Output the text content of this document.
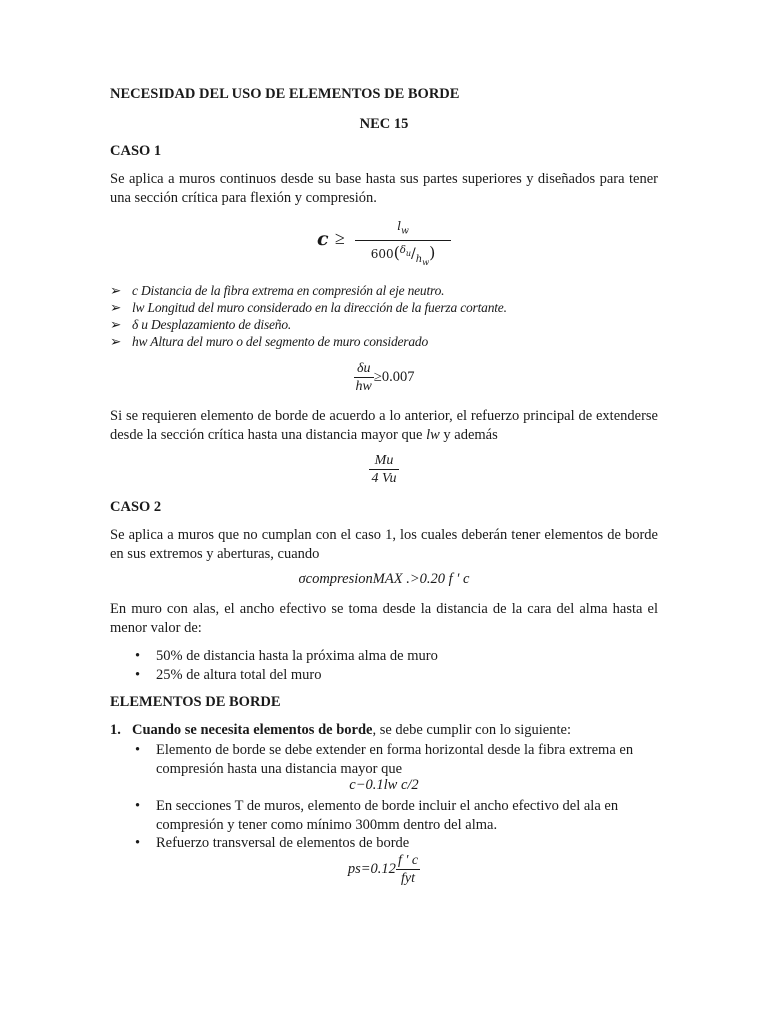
NECESIDAD DEL USO DE ELEMENTOS DE BORDE
NEC 15
CASO 1
Se aplica a muros continuos desde su base hasta sus partes superiores y diseñados para tener una sección crítica para flexión y compresión.
c ≥
$l_w$
$600(^{\delta_u}/_{h_w})$
➢ c Distancia de la fibra extrema en compresión al eje neutro.
➢ lw Longitud del muro considerado en la dirección de la fuerza cortante.
➢ δ u Desplazamiento de diseño.
➢ hw Altura del muro o del segmento de muro considerado
$\frac{\delta u}{hw} \ge 0.007$
Si se requieren elemento de borde de acuerdo a lo anterior, el refuerzo principal de extenderse desde la sección crítica hasta una distancia mayor que lw y además
$\frac{Mu}{4 Vu}$
CASO 2
Se aplica a muros que no cumplan con el caso 1, los cuales deberán tener elementos de borde en sus extremos y aberturas, cuando
σcompresionMAX .>0.20 f ′ c
En muro con alas, el ancho efectivo se toma desde la distancia de la cara del alma hasta el menor valor de:
• 50% de distancia hasta la próxima alma de muro
• 25% de altura total del muro
ELEMENTOS DE BORDE
1. Cuando se necesita elementos de borde, se debe cumplir con lo siguiente:
• Elemento de borde se debe extender en forma horizontal desde la fibra extrema en compresión hasta una distancia mayor que
c−0.1lw c/2
• En secciones T de muros, elemento de borde incluir el ancho efectivo del ala en compresión y tener como mínimo 300mm dentro del alma.
• Refuerzo transversal de elementos de borde
$ps=0.12 \frac{f ' c}{\text{fyt}}$
